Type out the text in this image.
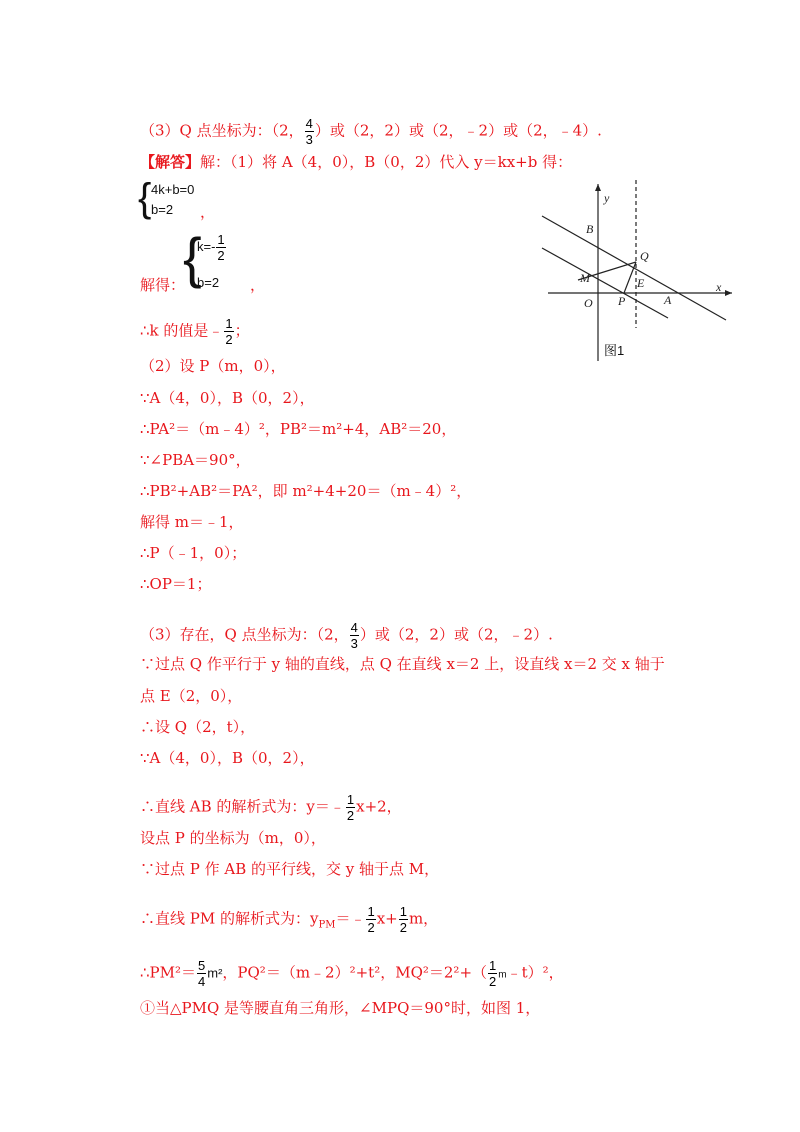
（3）Q 点坐标为：（2， $\frac{4}{3}$ ）或（2，2）或（2，﹣2）或（2，﹣4）.
【解答】解：（1）将 A（4，0），B（0，2）代入 y＝kx+b 得：
{ 4k+b=0
b=2 ，
解得：
{
$k=- \frac{1}{2}$
b=2 ，
∴k 的值是﹣ $\frac{1}{2}$ ；
（2）设 P（m，0），
∵A（4，0），B（0，2），
∴PA²＝（m﹣4）²，PB²＝m²+4，AB²＝20，
∵∠PBA＝90°，
∴PB²+AB²＝PA²，即 m²+4+20＝（m﹣4）²，
解得 m＝﹣1，
∴P（﹣1，0）；
∴OP＝1；
（3）存在，Q 点坐标为：（2， $\frac{4}{3}$ ）或（2，2）或（2，﹣2）.
∵过点 Q 作平行于 y 轴的直线，点 Q 在直线 x＝2 上，设直线 x＝2 交 x 轴于
点 E（2，0），
∴设 Q（2，t），
∵A（4，0），B（0，2），
∴直线 AB 的解析式为：y＝﹣ $\frac{1}{2} x+2$，
设点 P 的坐标为（m，0），
∵过点 P 作 AB 的平行线，交 y 轴于点 M，
∴直线 PM 的解析式为：$y_{PM}=﹣ \frac{1}{2} x+ \frac{1}{2}$ m，
∴PM²＝ $\frac{5}{4} m^2$，PQ²＝（m﹣2）²+t²，$MQ^2=2^2+( \frac{1}{2}$ m﹣t）²，
①当△PMQ 是等腰直角三角形，∠MPQ＝90°时，如图 1，
y
x
B
Q
M	E
O P	A
图1
